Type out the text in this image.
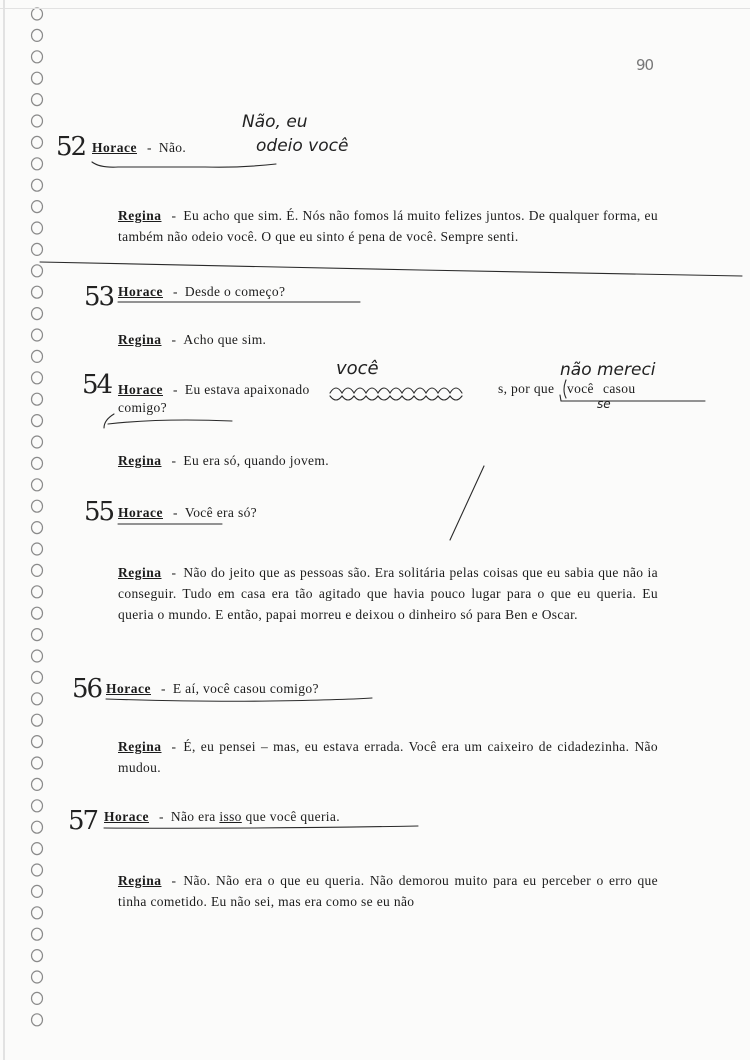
90
52
Não, eu
Horace - Não.	odeio você
Regina - Eu acho que sim. É. Nós não fomos lá muito felizes juntos. De qualquer forma, eu também não odeio você. O que eu sinto é pena de você. Sempre senti.
53 Horace - Desde o começo?
Regina - Acho que sim.
54 Horace - Eu estava apaixonado	s, por que você casou
comigo?
você	não mereci
se
Regina - Eu era só, quando jovem.
55 Horace - Você era só?
Regina - Não do jeito que as pessoas são. Era solitária pelas coisas que eu sabia que não ia conseguir. Tudo em casa era tão agitado que havia pouco lugar para o que eu queria. Eu queria o mundo. E então, papai morreu e deixou o dinheiro só para Ben e Oscar.
56 Horace - E aí, você casou comigo?
Regina - É, eu pensei – mas, eu estava errada. Você era um caixeiro de cidadezinha. Não mudou.
57 Horace - Não era isso que você queria.
Regina - Não. Não era o que eu queria. Não demorou muito para eu perceber o erro que tinha cometido. Eu não sei, mas era como se eu não
